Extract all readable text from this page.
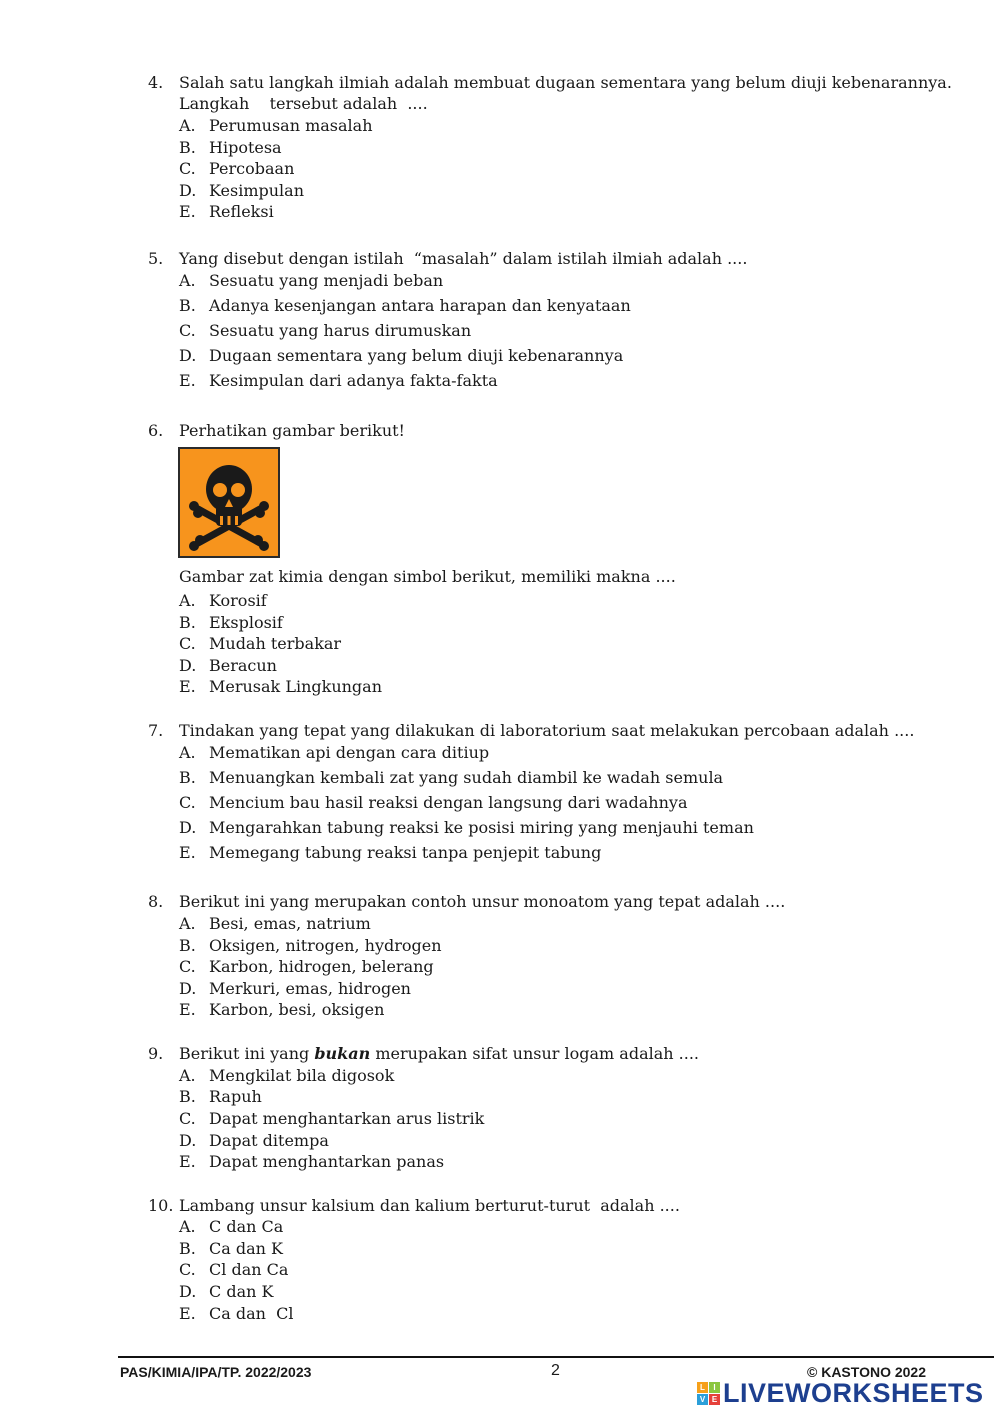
4. Salah satu langkah ilmiah adalah membuat dugaan sementara yang belum diuji kebenarannya.
Langkah    tersebut adalah  ....
A. Perumusan masalah
B. Hipotesa
C. Percobaan
D. Kesimpulan
E. Refleksi
5. Yang disebut dengan istilah  “masalah” dalam istilah ilmiah adalah ....
A. Sesuatu yang menjadi beban
B. Adanya kesenjangan antara harapan dan kenyataan
C. Sesuatu yang harus dirumuskan
D. Dugaan sementara yang belum diuji kebenarannya
E. Kesimpulan dari adanya fakta-fakta
6. Perhatikan gambar berikut!
Gambar zat kimia dengan simbol berikut, memiliki makna ....
A. Korosif
B. Eksplosif
C. Mudah terbakar
D. Beracun
E. Merusak Lingkungan
7. Tindakan yang tepat yang dilakukan di laboratorium saat melakukan percobaan adalah ....
A. Mematikan api dengan cara ditiup
B. Menuangkan kembali zat yang sudah diambil ke wadah semula
C. Mencium bau hasil reaksi dengan langsung dari wadahnya
D. Mengarahkan tabung reaksi ke posisi miring yang menjauhi teman
E. Memegang tabung reaksi tanpa penjepit tabung
8. Berikut ini yang merupakan contoh unsur monoatom yang tepat adalah ....
A. Besi, emas, natrium
B. Oksigen, nitrogen, hydrogen
C. Karbon, hidrogen, belerang
D. Merkuri, emas, hidrogen
E. Karbon, besi, oksigen
9. Berikut ini yang bukan merupakan sifat unsur logam adalah ....
A. Mengkilat bila digosok
B. Rapuh
C. Dapat menghantarkan arus listrik
D. Dapat ditempa
E. Dapat menghantarkan panas
10. Lambang unsur kalsium dan kalium berturut-turut  adalah ....
A. C dan Ca
B. Ca dan K
C. Cl dan Ca
D. C dan K
E. Ca dan  Cl
PAS/KIMIA/IPA/TP. 2022/2023	2	© KASTONO 2022
L	I
V E LIVEWORKSHEETS
